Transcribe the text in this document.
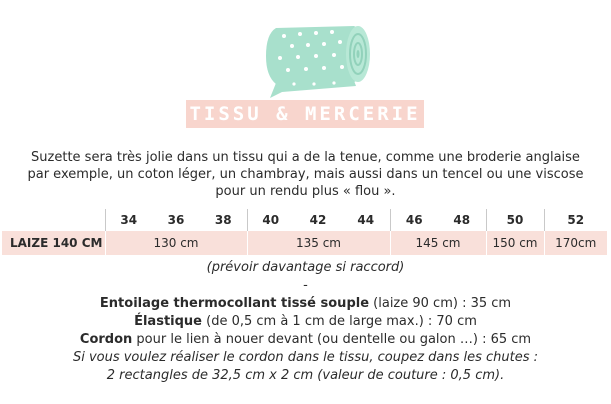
TISSU & MERCERIE
Suzette sera très jolie dans un tissu qui a de la tenue, comme une broderie anglaise
par exemple, un coton léger, un chambray, mais aussi dans un tencel ou une viscose
pour un rendu plus « flou ».
	34	36	38	40	42	44	46	48	50	52
LAIZE 140 CM	130 cm			135 cm			145 cm		150 cm	170cm
(prévoir davantage si raccord)
-
Entoilage thermocollant tissé souple (laize 90 cm) : 35 cm
Élastique (de 0,5 cm à 1 cm de large max.) : 70 cm
Cordon pour le lien à nouer devant (ou dentelle ou galon …) : 65 cm
Si vous voulez réaliser le cordon dans le tissu, coupez dans les chutes :
2 rectangles de 32,5 cm x 2 cm (valeur de couture : 0,5 cm).
